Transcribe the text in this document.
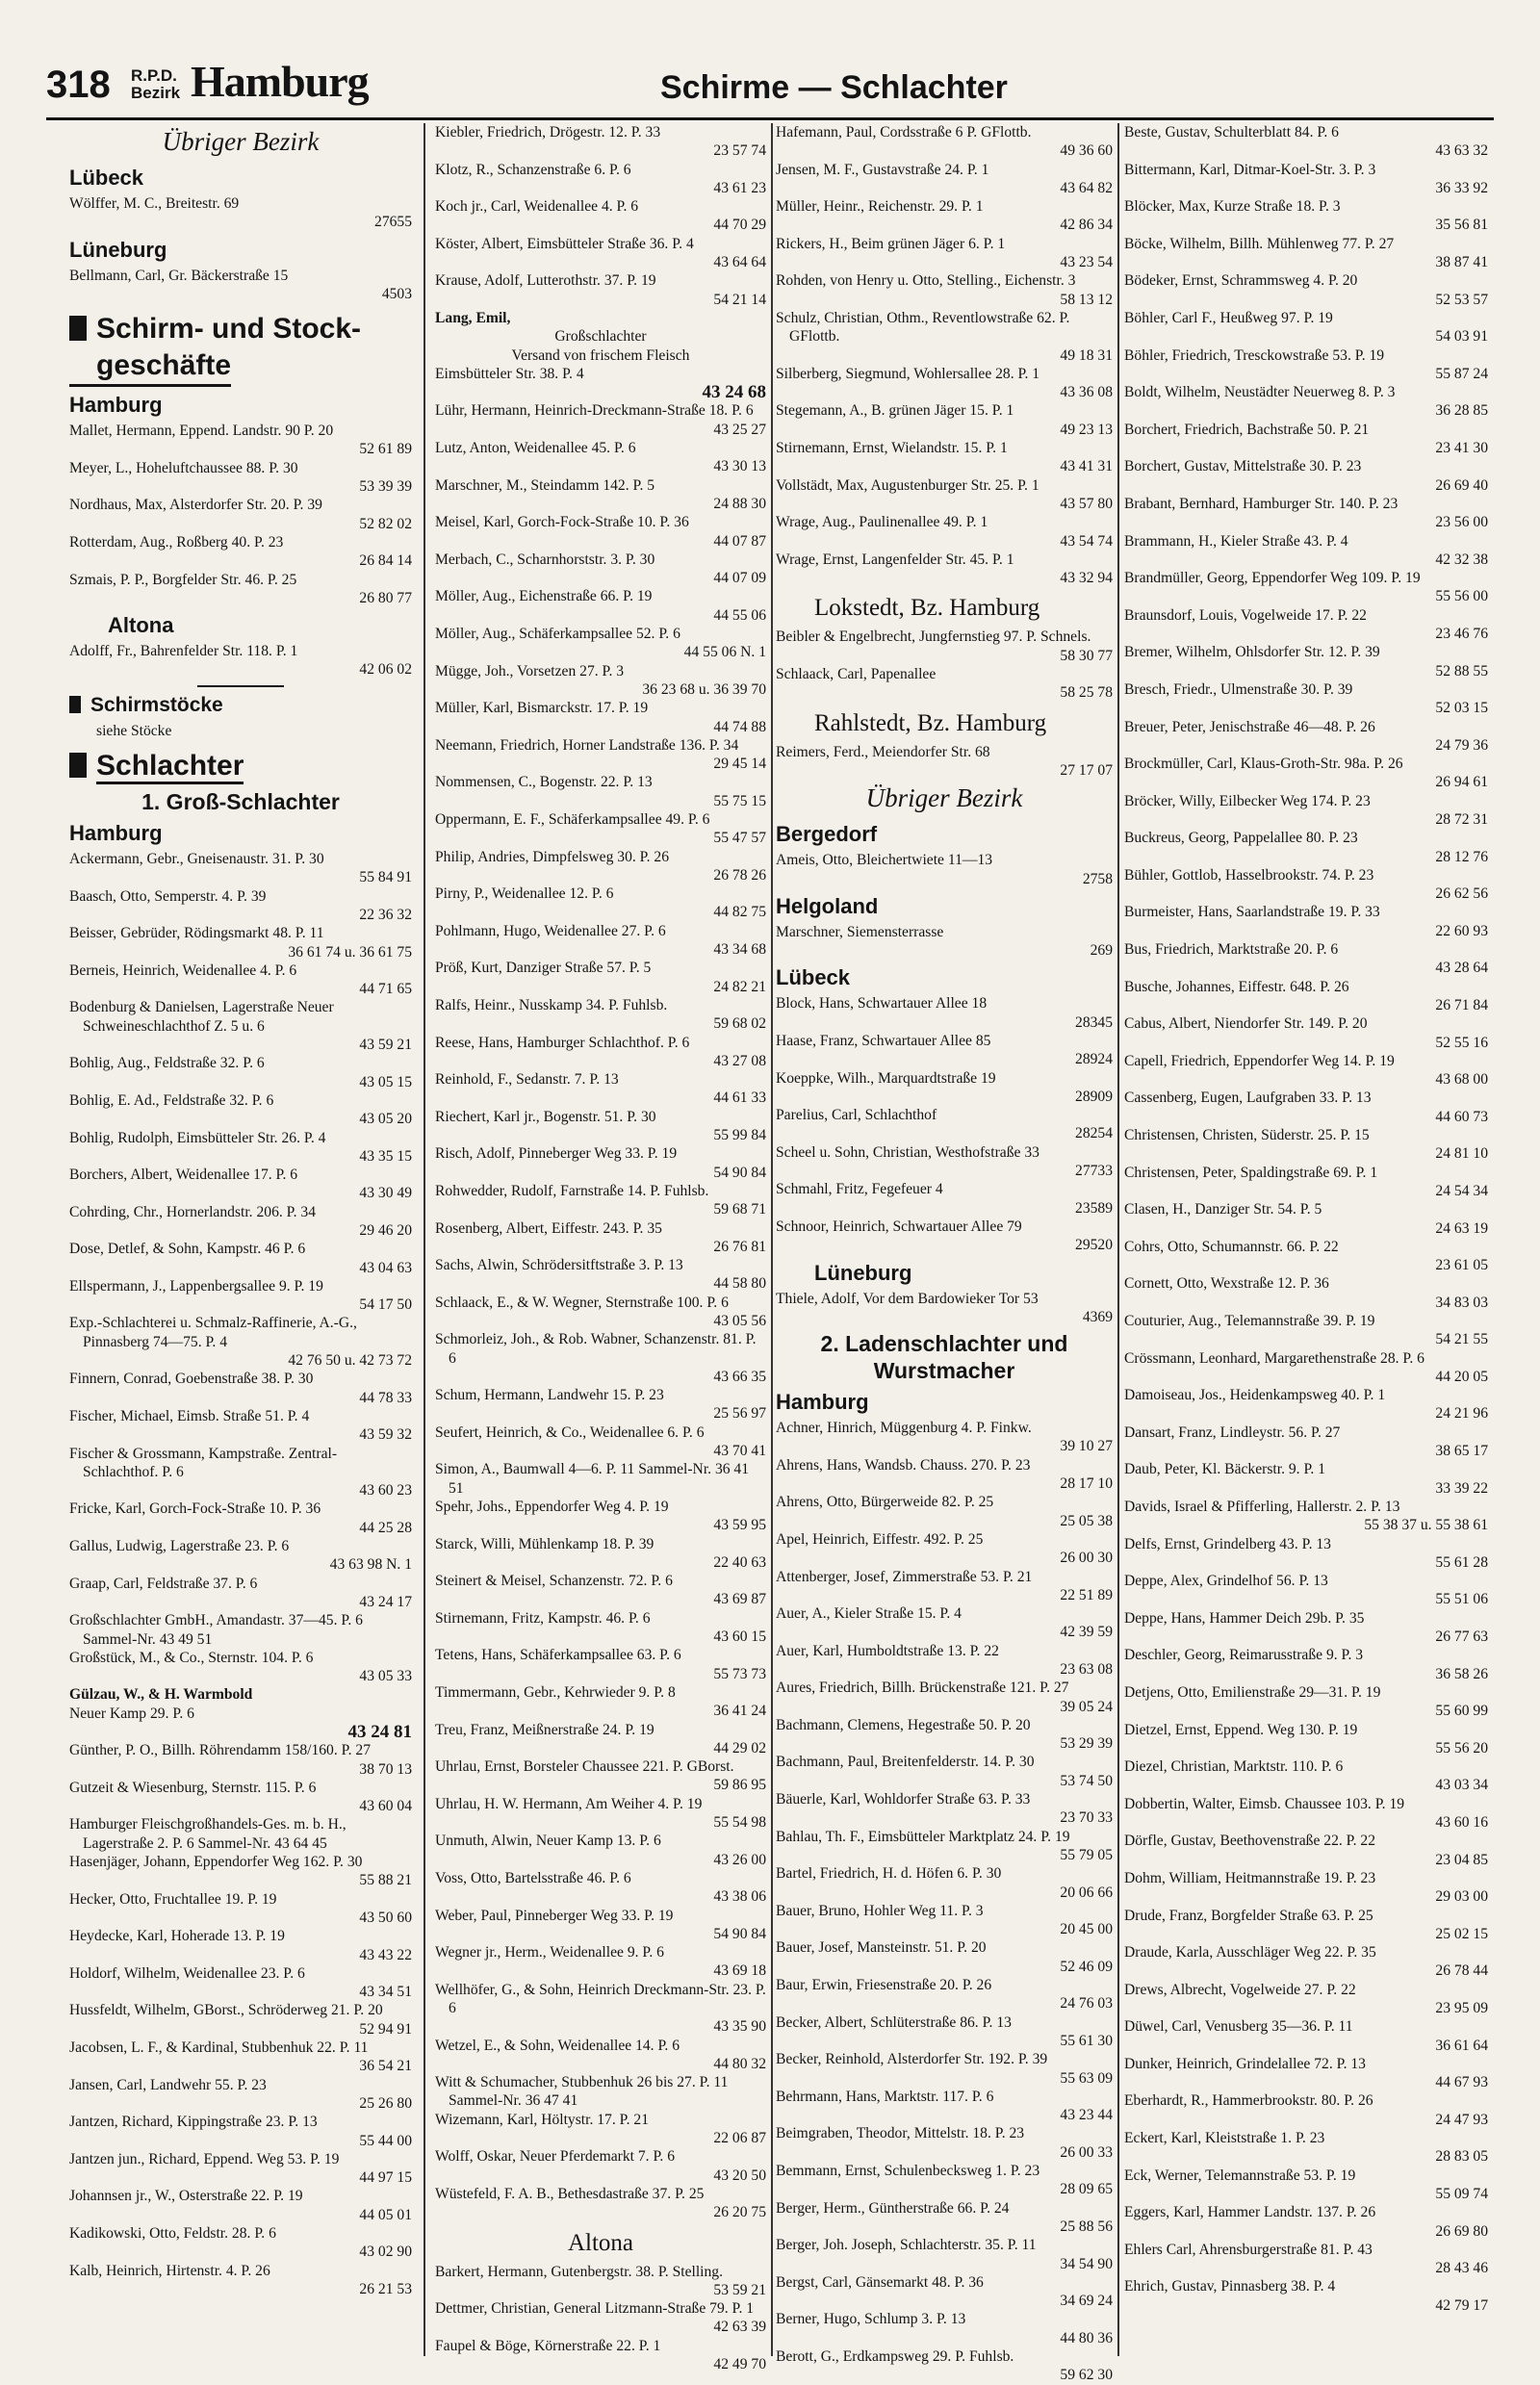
318 R.P.D.
Bezirk Hamburg	Schirme — Schlachter
Übriger Bezirk
Lübeck
Wölffer, M. C., Breitestr. 69
27655
Lüneburg
Bellmann, Carl, Gr. Bäckerstraße 15
4503
Schirm- und Stock-
geschäfte
Hamburg
Mallet, Hermann, Eppend. Landstr. 90 P. 20
52 61 89
Meyer, L., Hoheluftchaussee 88. P. 30
53 39 39
Nordhaus, Max, Alsterdorfer Str. 20. P. 39
52 82 02
Rotterdam, Aug., Roßberg 40. P. 23
26 84 14
Szmais, P. P., Borgfelder Str. 46. P. 25
26 80 77
Altona
Adolff, Fr., Bahrenfelder Str. 118. P. 1
42 06 02
Schirmstöcke
siehe Stöcke
Schlachter
1. Groß-Schlachter
Hamburg
Ackermann, Gebr., Gneisenaustr. 31. P. 30
55 84 91
Baasch, Otto, Semperstr. 4. P. 39
22 36 32
Beisser, Gebrüder, Rödingsmarkt 48. P. 11
36 61 74 u. 36 61 75
Berneis, Heinrich, Weidenallee 4. P. 6
44 71 65
Bodenburg & Danielsen, Lagerstraße Neuer Schweineschlachthof Z. 5 u. 6
43 59 21
Bohlig, Aug., Feldstraße 32. P. 6
43 05 15
Bohlig, E. Ad., Feldstraße 32. P. 6
43 05 20
Bohlig, Rudolph, Eimsbütteler Str. 26. P. 4
43 35 15
Borchers, Albert, Weidenallee 17. P. 6
43 30 49
Cohrding, Chr., Hornerlandstr. 206. P. 34
29 46 20
Dose, Detlef, & Sohn, Kampstr. 46 P. 6
43 04 63
Ellspermann, J., Lappenbergsallee 9. P. 19
54 17 50
Exp.-Schlachterei u. Schmalz-Raffinerie, A.-G., Pinnasberg 74—75. P. 4
42 76 50 u. 42 73 72
Finnern, Conrad, Goebenstraße 38. P. 30
44 78 33
Fischer, Michael, Eimsb. Straße 51. P. 4
43 59 32
Fischer & Grossmann, Kampstraße. Zentral-Schlachthof. P. 6
43 60 23
Fricke, Karl, Gorch-Fock-Straße 10. P. 36
44 25 28
Gallus, Ludwig, Lagerstraße 23. P. 6
43 63 98 N. 1
Graap, Carl, Feldstraße 37. P. 6
43 24 17
Großschlachter GmbH., Amandastr. 37—45. P. 6 Sammel-Nr. 43 49 51
Großstück, M., & Co., Sternstr. 104. P. 6
43 05 33
Gülzau, W., & H. Warmbold
Neuer Kamp 29. P. 6
43 24 81
Günther, P. O., Billh. Röhrendamm 158/160. P. 27
38 70 13
Gutzeit & Wiesenburg, Sternstr. 115. P. 6
43 60 04
Hamburger Fleischgroßhandels-Ges. m. b. H., Lagerstraße 2. P. 6 Sammel-Nr. 43 64 45
Hasenjäger, Johann, Eppendorfer Weg 162. P. 30
55 88 21
Hecker, Otto, Fruchtallee 19. P. 19
43 50 60
Heydecke, Karl, Hoherade 13. P. 19
43 43 22
Holdorf, Wilhelm, Weidenallee 23. P. 6
43 34 51
Hussfeldt, Wilhelm, GBorst., Schröderweg 21. P. 20
52 94 91
Jacobsen, L. F., & Kardinal, Stubbenhuk 22. P. 11
36 54 21
Jansen, Carl, Landwehr 55. P. 23
25 26 80
Jantzen, Richard, Kippingstraße 23. P. 13
55 44 00
Jantzen jun., Richard, Eppend. Weg 53. P. 19
44 97 15
Johannsen jr., W., Osterstraße 22. P. 19
44 05 01
Kadikowski, Otto, Feldstr. 28. P. 6
43 02 90
Kalb, Heinrich, Hirtenstr. 4. P. 26
26 21 53
Kiebler, Friedrich, Drögestr. 12. P. 33
23 57 74
Klotz, R., Schanzenstraße 6. P. 6
43 61 23
Koch jr., Carl, Weidenallee 4. P. 6
44 70 29
Köster, Albert, Eimsbütteler Straße 36. P. 4
43 64 64
Krause, Adolf, Lutterothstr. 37. P. 19
54 21 14
Lang, Emil,
Großschlachter
Versand von frischem Fleisch
Eimsbütteler Str. 38. P. 4
43 24 68
Lühr, Hermann, Heinrich-Dreckmann-Straße 18. P. 6
43 25 27
Lutz, Anton, Weidenallee 45. P. 6
43 30 13
Marschner, M., Steindamm 142. P. 5
24 88 30
Meisel, Karl, Gorch-Fock-Straße 10. P. 36
44 07 87
Merbach, C., Scharnhorststr. 3. P. 30
44 07 09
Möller, Aug., Eichenstraße 66. P. 19
44 55 06
Möller, Aug., Schäferkampsallee 52. P. 6
44 55 06 N. 1
Mügge, Joh., Vorsetzen 27. P. 3
36 23 68 u. 36 39 70
Müller, Karl, Bismarckstr. 17. P. 19
44 74 88
Neemann, Friedrich, Horner Landstraße 136. P. 34
29 45 14
Nommensen, C., Bogenstr. 22. P. 13
55 75 15
Oppermann, E. F., Schäferkampsallee 49. P. 6
55 47 57
Philip, Andries, Dimpfelsweg 30. P. 26
26 78 26
Pirny, P., Weidenallee 12. P. 6
44 82 75
Pohlmann, Hugo, Weidenallee 27. P. 6
43 34 68
Pröß, Kurt, Danziger Straße 57. P. 5
24 82 21
Ralfs, Heinr., Nusskamp 34. P. Fuhlsb.
59 68 02
Reese, Hans, Hamburger Schlachthof. P. 6
43 27 08
Reinhold, F., Sedanstr. 7. P. 13
44 61 33
Riechert, Karl jr., Bogenstr. 51. P. 30
55 99 84
Risch, Adolf, Pinneberger Weg 33. P. 19
54 90 84
Rohwedder, Rudolf, Farnstraße 14. P. Fuhlsb.
59 68 71
Rosenberg, Albert, Eiffestr. 243. P. 35
26 76 81
Sachs, Alwin, Schrödersitftstraße 3. P. 13
44 58 80
Schlaack, E., & W. Wegner, Sternstraße 100. P. 6
43 05 56
Schmorleiz, Joh., & Rob. Wabner, Schanzenstr. 81. P. 6
43 66 35
Schum, Hermann, Landwehr 15. P. 23
25 56 97
Seufert, Heinrich, & Co., Weidenallee 6. P. 6
43 70 41
Simon, A., Baumwall 4—6. P. 11 Sammel-Nr. 36 41 51
Spehr, Johs., Eppendorfer Weg 4. P. 19
43 59 95
Starck, Willi, Mühlenkamp 18. P. 39
22 40 63
Steinert & Meisel, Schanzenstr. 72. P. 6
43 69 87
Stirnemann, Fritz, Kampstr. 46. P. 6
43 60 15
Tetens, Hans, Schäferkampsallee 63. P. 6
55 73 73
Timmermann, Gebr., Kehrwieder 9. P. 8
36 41 24
Treu, Franz, Meißnerstraße 24. P. 19
44 29 02
Uhrlau, Ernst, Borsteler Chaussee 221. P. GBorst.
59 86 95
Uhrlau, H. W. Hermann, Am Weiher 4. P. 19
55 54 98
Unmuth, Alwin, Neuer Kamp 13. P. 6
43 26 00
Voss, Otto, Bartelsstraße 46. P. 6
43 38 06
Weber, Paul, Pinneberger Weg 33. P. 19
54 90 84
Wegner jr., Herm., Weidenallee 9. P. 6
43 69 18
Wellhöfer, G., & Sohn, Heinrich Dreckmann-Str. 23. P. 6
43 35 90
Wetzel, E., & Sohn, Weidenallee 14. P. 6
44 80 32
Witt & Schumacher, Stubbenhuk 26 bis 27. P. 11 Sammel-Nr. 36 47 41
Wizemann, Karl, Höltystr. 17. P. 21
22 06 87
Wolff, Oskar, Neuer Pferdemarkt 7. P. 6
43 20 50
Wüstefeld, F. A. B., Bethesdastraße 37. P. 25
26 20 75
Altona
Barkert, Hermann, Gutenbergstr. 38. P. Stelling.
53 59 21
Dettmer, Christian, General Litzmann-Straße 79. P. 1
42 63 39
Faupel & Böge, Körnerstraße 22. P. 1
42 49 70
Hafemann, Paul, Cordsstraße 6 P. GFlottb.
49 36 60
Jensen, M. F., Gustavstraße 24. P. 1
43 64 82
Müller, Heinr., Reichenstr. 29. P. 1
42 86 34
Rickers, H., Beim grünen Jäger 6. P. 1
43 23 54
Rohden, von Henry u. Otto, Stelling., Eichenstr. 3
58 13 12
Schulz, Christian, Othm., Reventlowstraße 62. P. GFlottb.
49 18 31
Silberberg, Siegmund, Wohlersallee 28. P. 1
43 36 08
Stegemann, A., B. grünen Jäger 15. P. 1
49 23 13
Stirnemann, Ernst, Wielandstr. 15. P. 1
43 41 31
Vollstädt, Max, Augustenburger Str. 25. P. 1
43 57 80
Wrage, Aug., Paulinenallee 49. P. 1
43 54 74
Wrage, Ernst, Langenfelder Str. 45. P. 1
43 32 94
Lokstedt, Bz. Hamburg
Beibler & Engelbrecht, Jungfernstieg 97. P. Schnels.
58 30 77
Schlaack, Carl, Papenallee
58 25 78
Rahlstedt, Bz. Hamburg
Reimers, Ferd., Meiendorfer Str. 68
27 17 07
Übriger Bezirk
Bergedorf
Ameis, Otto, Bleichertwiete 11—13
2758
Helgoland
Marschner, Siemensterrasse
269
Lübeck
Block, Hans, Schwartauer Allee 18
28345
Haase, Franz, Schwartauer Allee 85
28924
Koeppke, Wilh., Marquardtstraße 19
28909
Parelius, Carl, Schlachthof
28254
Scheel u. Sohn, Christian, Westhofstraße 33
27733
Schmahl, Fritz, Fegefeuer 4
23589
Schnoor, Heinrich, Schwartauer Allee 79
29520
Lüneburg
Thiele, Adolf, Vor dem Bardowieker Tor 53
4369
2. Ladenschlachter und
Wurstmacher
Hamburg
Achner, Hinrich, Müggenburg 4. P. Finkw.
39 10 27
Ahrens, Hans, Wandsb. Chauss. 270. P. 23
28 17 10
Ahrens, Otto, Bürgerweide 82. P. 25
25 05 38
Apel, Heinrich, Eiffestr. 492. P. 25
26 00 30
Attenberger, Josef, Zimmerstraße 53. P. 21
22 51 89
Auer, A., Kieler Straße 15. P. 4
42 39 59
Auer, Karl, Humboldtstraße 13. P. 22
23 63 08
Aures, Friedrich, Billh. Brückenstraße 121. P. 27
39 05 24
Bachmann, Clemens, Hegestraße 50. P. 20
53 29 39
Bachmann, Paul, Breitenfelderstr. 14. P. 30
53 74 50
Bäuerle, Karl, Wohldorfer Straße 63. P. 33
23 70 33
Bahlau, Th. F., Eimsbütteler Marktplatz 24. P. 19
55 79 05
Bartel, Friedrich, H. d. Höfen 6. P. 30
20 06 66
Bauer, Bruno, Hohler Weg 11. P. 3
20 45 00
Bauer, Josef, Mansteinstr. 51. P. 20
52 46 09
Baur, Erwin, Friesenstraße 20. P. 26
24 76 03
Becker, Albert, Schlüterstraße 86. P. 13
55 61 30
Becker, Reinhold, Alsterdorfer Str. 192. P. 39
55 63 09
Behrmann, Hans, Marktstr. 117. P. 6
43 23 44
Beimgraben, Theodor, Mittelstr. 18. P. 23
26 00 33
Bemmann, Ernst, Schulenbecksweg 1. P. 23
28 09 65
Berger, Herm., Güntherstraße 66. P. 24
25 88 56
Berger, Joh. Joseph, Schlachterstr. 35. P. 11
34 54 90
Bergst, Carl, Gänsemarkt 48. P. 36
34 69 24
Berner, Hugo, Schlump 3. P. 13
44 80 36
Berott, G., Erdkampsweg 29. P. Fuhlsb.
59 62 30
Beste, Gustav, Schulterblatt 84. P. 6
43 63 32
Bittermann, Karl, Ditmar-Koel-Str. 3. P. 3
36 33 92
Blöcker, Max, Kurze Straße 18. P. 3
35 56 81
Böcke, Wilhelm, Billh. Mühlenweg 77. P. 27
38 87 41
Bödeker, Ernst, Schrammsweg 4. P. 20
52 53 57
Böhler, Carl F., Heußweg 97. P. 19
54 03 91
Böhler, Friedrich, Tresckowstraße 53. P. 19
55 87 24
Boldt, Wilhelm, Neustädter Neuerweg 8. P. 3
36 28 85
Borchert, Friedrich, Bachstraße 50. P. 21
23 41 30
Borchert, Gustav, Mittelstraße 30. P. 23
26 69 40
Brabant, Bernhard, Hamburger Str. 140. P. 23
23 56 00
Brammann, H., Kieler Straße 43. P. 4
42 32 38
Brandmüller, Georg, Eppendorfer Weg 109. P. 19
55 56 00
Braunsdorf, Louis, Vogelweide 17. P. 22
23 46 76
Bremer, Wilhelm, Ohlsdorfer Str. 12. P. 39
52 88 55
Bresch, Friedr., Ulmenstraße 30. P. 39
52 03 15
Breuer, Peter, Jenischstraße 46—48. P. 26
24 79 36
Brockmüller, Carl, Klaus-Groth-Str. 98a. P. 26
26 94 61
Bröcker, Willy, Eilbecker Weg 174. P. 23
28 72 31
Buckreus, Georg, Pappelallee 80. P. 23
28 12 76
Bühler, Gottlob, Hasselbrookstr. 74. P. 23
26 62 56
Burmeister, Hans, Saarlandstraße 19. P. 33
22 60 93
Bus, Friedrich, Marktstraße 20. P. 6
43 28 64
Busche, Johannes, Eiffestr. 648. P. 26
26 71 84
Cabus, Albert, Niendorfer Str. 149. P. 20
52 55 16
Capell, Friedrich, Eppendorfer Weg 14. P. 19
43 68 00
Cassenberg, Eugen, Laufgraben 33. P. 13
44 60 73
Christensen, Christen, Süderstr. 25. P. 15
24 81 10
Christensen, Peter, Spaldingstraße 69. P. 1
24 54 34
Clasen, H., Danziger Str. 54. P. 5
24 63 19
Cohrs, Otto, Schumannstr. 66. P. 22
23 61 05
Cornett, Otto, Wexstraße 12. P. 36
34 83 03
Couturier, Aug., Telemannstraße 39. P. 19
54 21 55
Crössmann, Leonhard, Margarethenstraße 28. P. 6
44 20 05
Damoiseau, Jos., Heidenkampsweg 40. P. 1
24 21 96
Dansart, Franz, Lindleystr. 56. P. 27
38 65 17
Daub, Peter, Kl. Bäckerstr. 9. P. 1
33 39 22
Davids, Israel & Pfifferling, Hallerstr. 2. P. 13
55 38 37 u. 55 38 61
Delfs, Ernst, Grindelberg 43. P. 13
55 61 28
Deppe, Alex, Grindelhof 56. P. 13
55 51 06
Deppe, Hans, Hammer Deich 29b. P. 35
26 77 63
Deschler, Georg, Reimarusstraße 9. P. 3
36 58 26
Detjens, Otto, Emilienstraße 29—31. P. 19
55 60 99
Dietzel, Ernst, Eppend. Weg 130. P. 19
55 56 20
Diezel, Christian, Marktstr. 110. P. 6
43 03 34
Dobbertin, Walter, Eimsb. Chaussee 103. P. 19
43 60 16
Dörfle, Gustav, Beethovenstraße 22. P. 22
23 04 85
Dohm, William, Heitmannstraße 19. P. 23
29 03 00
Drude, Franz, Borgfelder Straße 63. P. 25
25 02 15
Draude, Karla, Ausschläger Weg 22. P. 35
26 78 44
Drews, Albrecht, Vogelweide 27. P. 22
23 95 09
Düwel, Carl, Venusberg 35—36. P. 11
36 61 64
Dunker, Heinrich, Grindelallee 72. P. 13
44 67 93
Eberhardt, R., Hammerbrookstr. 80. P. 26
24 47 93
Eckert, Karl, Kleiststraße 1. P. 23
28 83 05
Eck, Werner, Telemannstraße 53. P. 19
55 09 74
Eggers, Karl, Hammer Landstr. 137. P. 26
26 69 80
Ehlers Carl, Ahrensburgerstraße 81. P. 43
28 43 46
Ehrich, Gustav, Pinnasberg 38. P. 4
42 79 17
